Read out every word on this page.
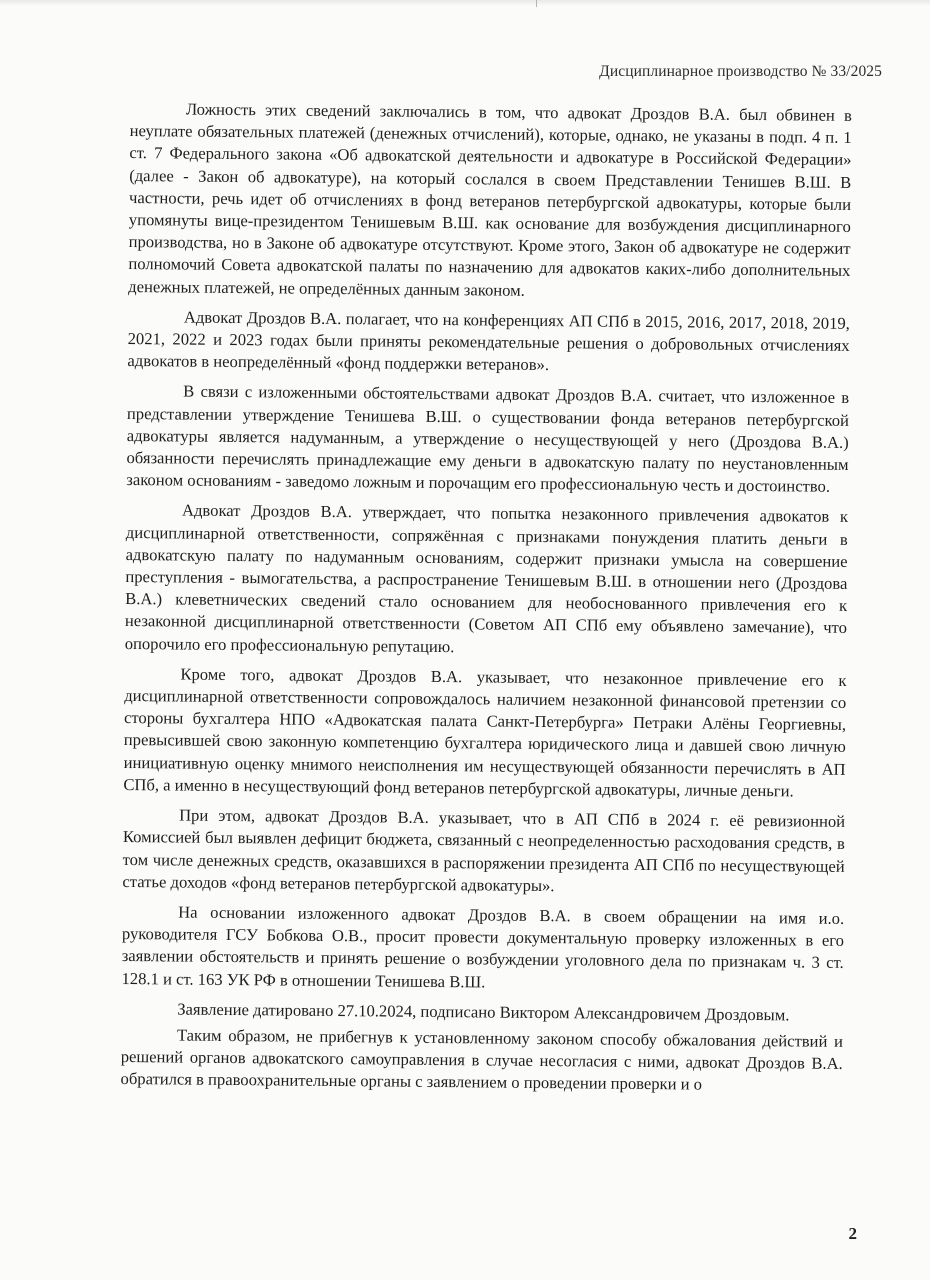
Дисциплинарное производство № 33/2025

Ложность этих сведений заключались в том, что адвокат Дроздов В.А. был обвинен в неуплате обязательных платежей (денежных отчислений), которые, однако, не указаны в подп. 4 п. 1 ст. 7 Федерального закона «Об адвокатской деятельности и адвокатуре в Российской Федерации» (далее - Закон об адвокатуре), на который сослался в своем Представлении Тенишев В.Ш. В частности, речь идет об отчислениях в фонд ветеранов петербургской адвокатуры, которые были упомянуты вице-президентом Тенишевым В.Ш. как основание для возбуждения дисциплинарного производства, но в Законе об адвокатуре отсутствуют. Кроме этого, Закон об адвокатуре не содержит полномочий Совета адвокатской палаты по назначению для адвокатов каких-либо дополнительных денежных платежей, не определённых данным законом.

Адвокат Дроздов В.А. полагает, что на конференциях АП СПб в 2015, 2016, 2017, 2018, 2019, 2021, 2022 и 2023 годах были приняты рекомендательные решения о добровольных отчислениях адвокатов в неопределённый «фонд поддержки ветеранов».

В связи с изложенными обстоятельствами адвокат Дроздов В.А. считает, что изложенное в представлении утверждение Тенишева В.Ш. о существовании фонда ветеранов петербургской адвокатуры является надуманным, а утверждение о несуществующей у него (Дроздова В.А.) обязанности перечислять принадлежащие ему деньги в адвокатскую палату по неустановленным законом основаниям - заведомо ложным и порочащим его профессиональную честь и достоинство.

Адвокат Дроздов В.А. утверждает, что попытка незаконного привлечения адвокатов к дисциплинарной ответственности, сопряжённая с признаками понуждения платить деньги в адвокатскую палату по надуманным основаниям, содержит признаки умысла на совершение преступления - вымогательства, а распространение Тенишевым В.Ш. в отношении него (Дроздова В.А.) клеветнических сведений стало основанием для необоснованного привлечения его к незаконной дисциплинарной ответственности (Советом АП СПб ему объявлено замечание), что опорочило его профессиональную репутацию.

Кроме того, адвокат Дроздов В.А. указывает, что незаконное привлечение его к дисциплинарной ответственности сопровождалось наличием незаконной финансовой претензии со стороны бухгалтера НПО «Адвокатская палата Санкт-Петербурга» Петраки Алёны Георгиевны, превысившей свою законную компетенцию бухгалтера юридического лица и давшей свою личную инициативную оценку мнимого неисполнения им несуществующей обязанности перечислять в АП СПб, а именно в несуществующий фонд ветеранов петербургской адвокатуры, личные деньги.

При этом, адвокат Дроздов В.А. указывает, что в АП СПб в 2024 г. её ревизионной Комиссией был выявлен дефицит бюджета, связанный с неопределенностью расходования средств, в том числе денежных средств, оказавшихся в распоряжении президента АП СПб по несуществующей статье доходов «фонд ветеранов петербургской адвокатуры».

На основании изложенного адвокат Дроздов В.А. в своем обращении на имя и.о. руководителя ГСУ Бобкова О.В., просит провести документальную проверку изложенных в его заявлении обстоятельств и принять решение о возбуждении уголовного дела по признакам ч. 3 ст. 128.1 и ст. 163 УК РФ в отношении Тенишева В.Ш.

Заявление датировано 27.10.2024, подписано Виктором Александровичем Дроздовым.

Таким образом, не прибегнув к установленному законом способу обжалования действий и решений органов адвокатского самоуправления в случае несогласия с ними, адвокат Дроздов В.А. обратился в правоохранительные органы с заявлением о проведении проверки и о

2
